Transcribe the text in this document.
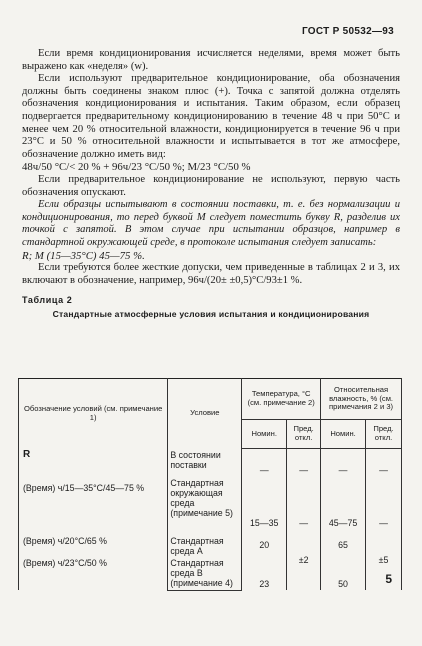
ГОСТ Р 50532—93

Если время кондиционирования исчисляется неделями, время может быть выражено как «неделя» (w).

Если используют предварительное кондиционирование, оба обозначения должны быть соединены знаком плюс (+). Точка с запятой должна отделять обозначения кондиционирования и испытания. Таким образом, если образец подвергается предварительному кондиционированию в течение 48 ч при 50°C и менее чем 20 % относительной влажности, кондиционируется в течение 96 ч при 23°C и 50 % относительной влажности и испытывается в тот же атмосфере, обозначение должно иметь вид:

48ч/50 °С/< 20 % + 96ч/23 °С/50 %; М/23 °С/50 %

Если предварительное кондиционирование не используют, первую часть обозначения опускают.

Если образцы испытывают в состоянии поставки, т. е. без нормализации и кондиционирования, то перед буквой М следует поместить букву R, разделив их точкой с запятой. В этом случае при испытании образцов, например в стандартной окружающей среде, в протоколе испытания следует записать:

R; М (15—35°С) 45—75 %.

Если требуются более жесткие допуски, чем приведенные в таблицах 2 и 3, их включают в обозначение, например, 96ч/(20± ±0,5)°С/93±1 %.

Таблица 2
Стандартные атмосферные условия испытания и кондиционирования
Обозначение условий (см. примечание 1)	Условие	Температура, °С (см. примечание 2)		Относительная влажность, % (см. примечания 2 и 3)	
		Номин.	Пред. откл.	Номин.	Пред. откл.
R	В состоянии поставки	—	—	—	—
(Время) ч/15—35°С/45—75 %	Стандартная окружающая среда (примечание 5)	15—35	—	45—75	—
(Время) ч/20°С/65 %	Стандартная среда А	20	±2	65	±5
(Время) ч/23°С/50 %	Стандартная среда В (примечание 4)	23		50		5
